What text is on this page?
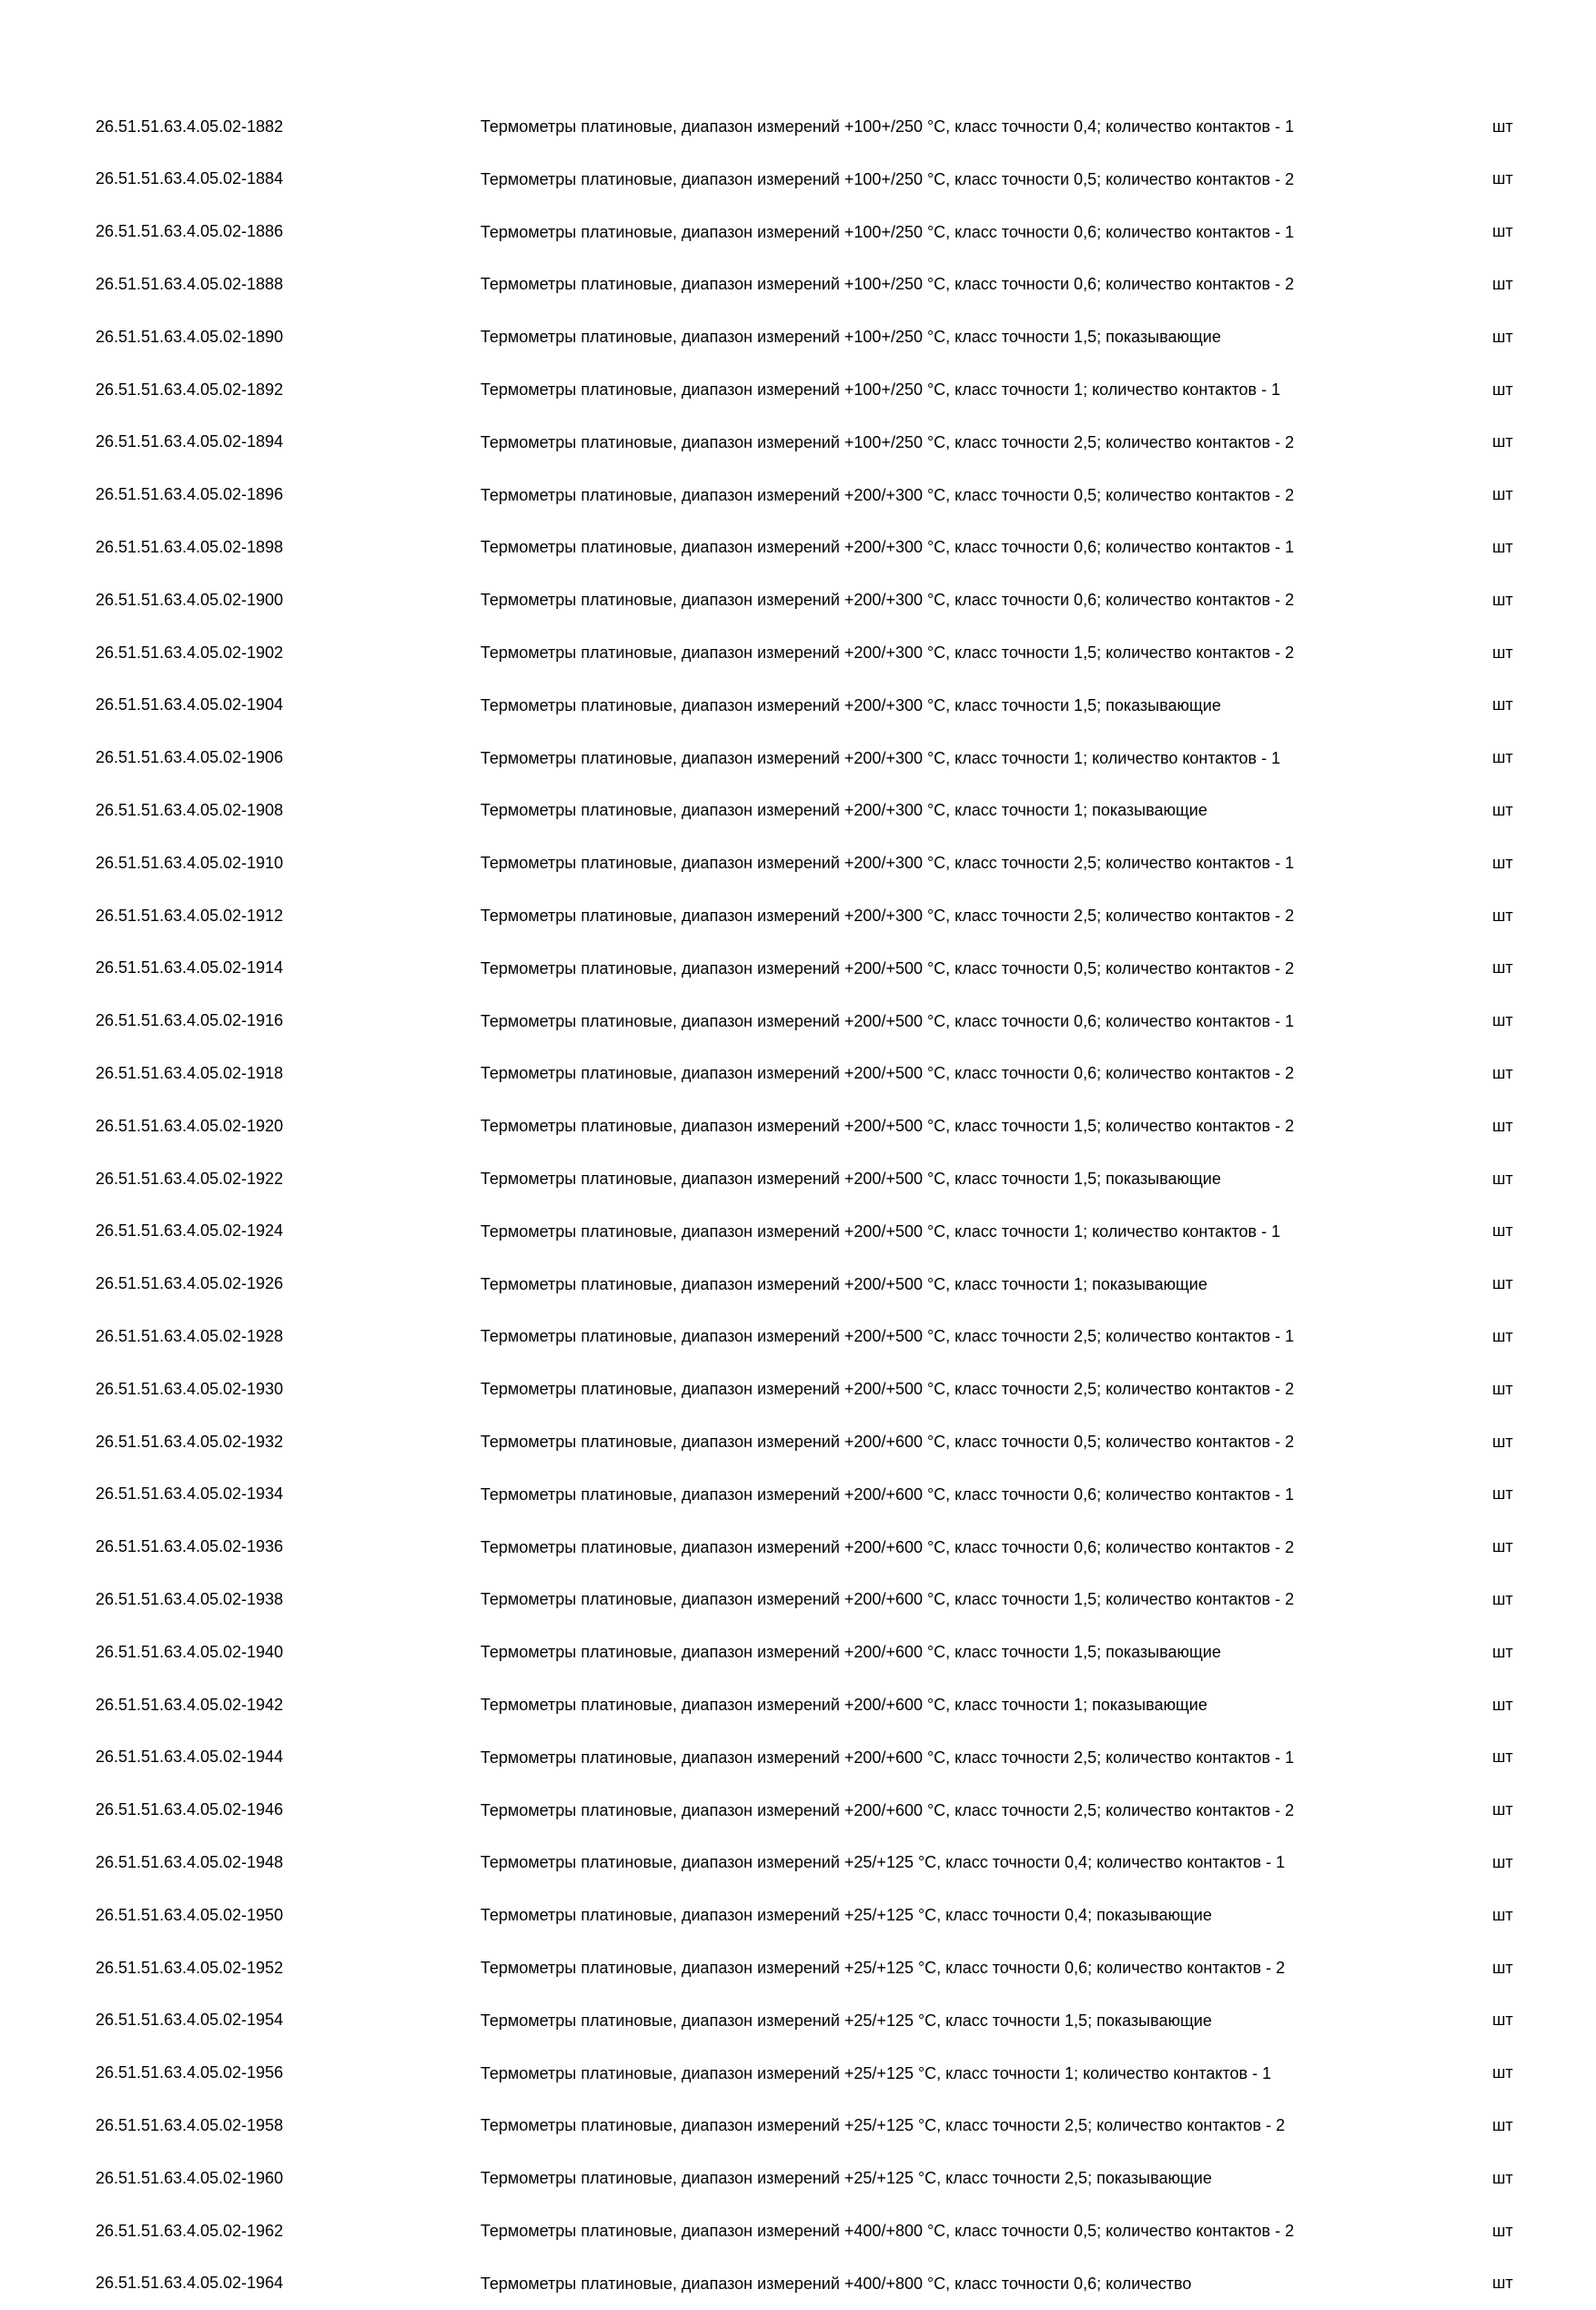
26.51.51.63.4.05.02-1882	Термометры платиновые, диапазон измерений +100+/250 °С, класс точности 0,4; количество контактов - 1	шт
26.51.51.63.4.05.02-1884	Термометры платиновые, диапазон измерений +100+/250 °С, класс точности 0,5; количество контактов - 2	шт
26.51.51.63.4.05.02-1886	Термометры платиновые, диапазон измерений +100+/250 °С, класс точности 0,6; количество контактов - 1	шт
26.51.51.63.4.05.02-1888	Термометры платиновые, диапазон измерений +100+/250 °С, класс точности 0,6; количество контактов - 2	шт
26.51.51.63.4.05.02-1890	Термометры платиновые, диапазон измерений +100+/250 °С, класс точности 1,5; показывающие	шт
26.51.51.63.4.05.02-1892	Термометры платиновые, диапазон измерений +100+/250 °С, класс точности 1; количество контактов - 1	шт
26.51.51.63.4.05.02-1894	Термометры платиновые, диапазон измерений +100+/250 °С, класс точности 2,5; количество контактов - 2	шт
26.51.51.63.4.05.02-1896	Термометры платиновые, диапазон измерений +200/+300 °С, класс точности 0,5; количество контактов - 2	шт
26.51.51.63.4.05.02-1898	Термометры платиновые, диапазон измерений +200/+300 °С, класс точности 0,6; количество контактов - 1	шт
26.51.51.63.4.05.02-1900	Термометры платиновые, диапазон измерений +200/+300 °С, класс точности 0,6; количество контактов - 2	шт
26.51.51.63.4.05.02-1902	Термометры платиновые, диапазон измерений +200/+300 °С, класс точности 1,5; количество контактов - 2	шт
26.51.51.63.4.05.02-1904	Термометры платиновые, диапазон измерений +200/+300 °С, класс точности 1,5; показывающие	шт
26.51.51.63.4.05.02-1906	Термометры платиновые, диапазон измерений +200/+300 °С, класс точности 1; количество контактов - 1	шт
26.51.51.63.4.05.02-1908	Термометры платиновые, диапазон измерений +200/+300 °С, класс точности 1; показывающие	шт
26.51.51.63.4.05.02-1910	Термометры платиновые, диапазон измерений +200/+300 °С, класс точности 2,5; количество контактов - 1	шт
26.51.51.63.4.05.02-1912	Термометры платиновые, диапазон измерений +200/+300 °С, класс точности 2,5; количество контактов - 2	шт
26.51.51.63.4.05.02-1914	Термометры платиновые, диапазон измерений +200/+500 °С, класс точности 0,5; количество контактов - 2	шт
26.51.51.63.4.05.02-1916	Термометры платиновые, диапазон измерений +200/+500 °С, класс точности 0,6; количество контактов - 1	шт
26.51.51.63.4.05.02-1918	Термометры платиновые, диапазон измерений +200/+500 °С, класс точности 0,6; количество контактов - 2	шт
26.51.51.63.4.05.02-1920	Термометры платиновые, диапазон измерений +200/+500 °С, класс точности 1,5; количество контактов - 2	шт
26.51.51.63.4.05.02-1922	Термометры платиновые, диапазон измерений +200/+500 °С, класс точности 1,5; показывающие	шт
26.51.51.63.4.05.02-1924	Термометры платиновые, диапазон измерений +200/+500 °С, класс точности 1; количество контактов - 1	шт
26.51.51.63.4.05.02-1926	Термометры платиновые, диапазон измерений +200/+500 °С, класс точности 1; показывающие	шт
26.51.51.63.4.05.02-1928	Термометры платиновые, диапазон измерений +200/+500 °С, класс точности 2,5; количество контактов - 1	шт
26.51.51.63.4.05.02-1930	Термометры платиновые, диапазон измерений +200/+500 °С, класс точности 2,5; количество контактов - 2	шт
26.51.51.63.4.05.02-1932	Термометры платиновые, диапазон измерений +200/+600 °С, класс точности 0,5; количество контактов - 2	шт
26.51.51.63.4.05.02-1934	Термометры платиновые, диапазон измерений +200/+600 °С, класс точности 0,6; количество контактов - 1	шт
26.51.51.63.4.05.02-1936	Термометры платиновые, диапазон измерений +200/+600 °С, класс точности 0,6; количество контактов - 2	шт
26.51.51.63.4.05.02-1938	Термометры платиновые, диапазон измерений +200/+600 °С, класс точности 1,5; количество контактов - 2	шт
26.51.51.63.4.05.02-1940	Термометры платиновые, диапазон измерений +200/+600 °С, класс точности 1,5; показывающие	шт
26.51.51.63.4.05.02-1942	Термометры платиновые, диапазон измерений +200/+600 °С, класс точности 1; показывающие	шт
26.51.51.63.4.05.02-1944	Термометры платиновые, диапазон измерений +200/+600 °С, класс точности 2,5; количество контактов - 1	шт
26.51.51.63.4.05.02-1946	Термометры платиновые, диапазон измерений +200/+600 °С, класс точности 2,5; количество контактов - 2	шт
26.51.51.63.4.05.02-1948	Термометры платиновые, диапазон измерений +25/+125 °С, класс точности 0,4; количество контактов - 1	шт
26.51.51.63.4.05.02-1950	Термометры платиновые, диапазон измерений +25/+125 °С, класс точности 0,4; показывающие	шт
26.51.51.63.4.05.02-1952	Термометры платиновые, диапазон измерений +25/+125 °С, класс точности 0,6; количество контактов - 2	шт
26.51.51.63.4.05.02-1954	Термометры платиновые, диапазон измерений +25/+125 °С, класс точности 1,5; показывающие	шт
26.51.51.63.4.05.02-1956	Термометры платиновые, диапазон измерений +25/+125 °С, класс точности 1; количество контактов - 1	шт
26.51.51.63.4.05.02-1958	Термометры платиновые, диапазон измерений +25/+125 °С, класс точности 2,5; количество контактов - 2	шт
26.51.51.63.4.05.02-1960	Термометры платиновые, диапазон измерений +25/+125 °С, класс точности 2,5; показывающие	шт
26.51.51.63.4.05.02-1962	Термометры платиновые, диапазон измерений +400/+800 °С, класс точности 0,5; количество контактов - 2	шт
26.51.51.63.4.05.02-1964	Термометры платиновые, диапазон измерений +400/+800 °С, класс точности 0,6; количество	шт
